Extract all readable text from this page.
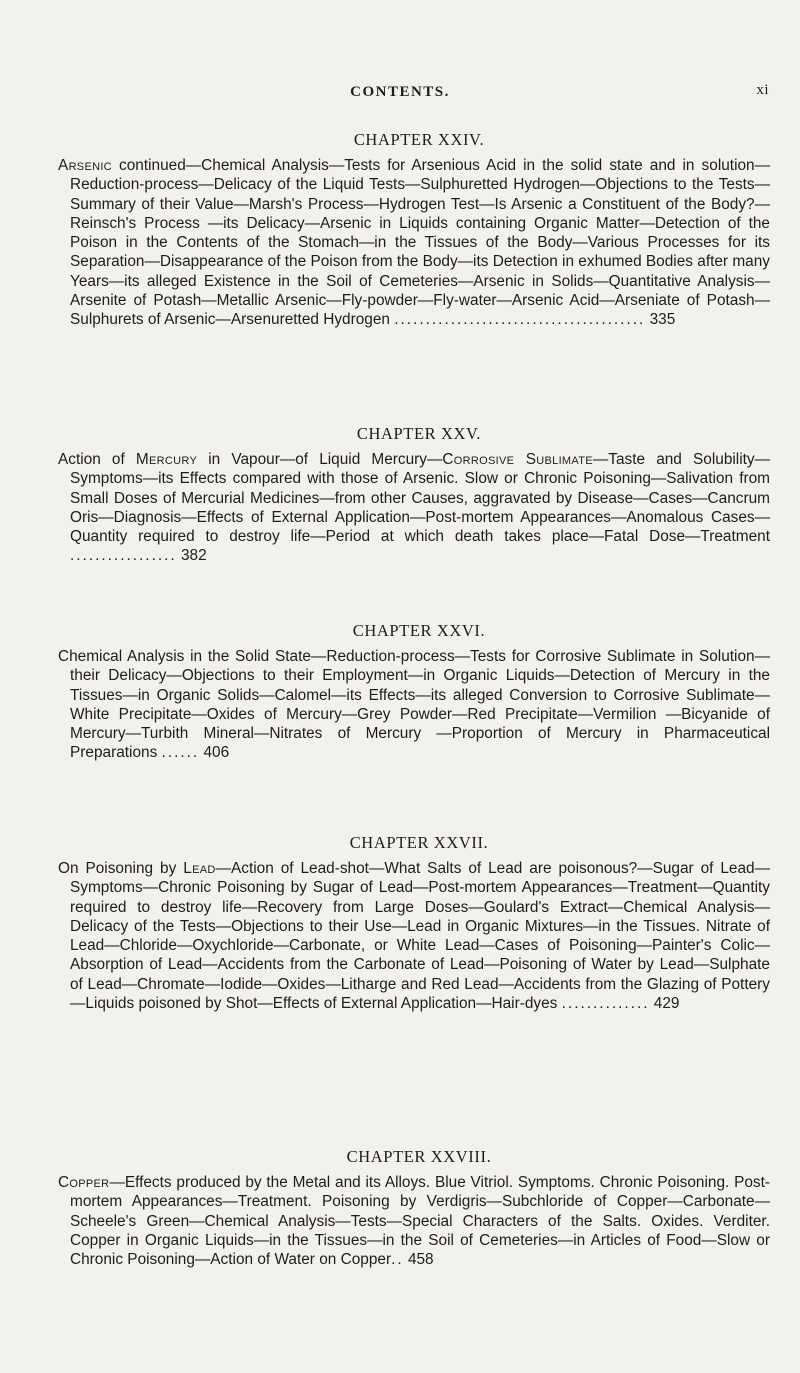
CONTENTS.	xi
CHAPTER XXIV.

Arsenic continued—Chemical Analysis—Tests for Arsenious Acid in the solid state and in solution—Reduction-process—Delicacy of the Liquid Tests—Sulphuretted Hydrogen—Objections to the Tests—Summary of their Value—Marsh's Process—Hydrogen Test—Is Arsenic a Constituent of the Body?—Reinsch's Process —its Delicacy—Arsenic in Liquids containing Organic Matter—Detection of the Poison in the Contents of the Stomach—in the Tissues of the Body—Various Processes for its Separation—Disappearance of the Poison from the Body—its Detection in exhumed Bodies after many Years—its alleged Existence in the Soil of Cemeteries—Arsenic in Solids—Quantitative Analysis—Arsenite of Potash—Metallic Arsenic—Fly-powder—Fly-water—Arsenic Acid—Arseniate of Potash—Sulphurets of Arsenic—Arsenuretted Hydrogen ........................................ 335

CHAPTER XXV.

Action of Mercury in Vapour—of Liquid Mercury—Corrosive Sublimate—Taste and Solubility—Symptoms—its Effects compared with those of Arsenic. Slow or Chronic Poisoning—Salivation from Small Doses of Mercurial Medicines—from other Causes, aggravated by Disease—Cases—Cancrum Oris—Diagnosis—Effects of External Application—Post-mortem Appearances—Anomalous Cases—Quantity required to destroy life—Period at which death takes place—Fatal Dose—Treatment ................. 382

CHAPTER XXVI.

Chemical Analysis in the Solid State—Reduction-process—Tests for Corrosive Sublimate in Solution—their Delicacy—Objections to their Employment—in Organic Liquids—Detection of Mercury in the Tissues—in Organic Solids—Calomel—its Effects—its alleged Conversion to Corrosive Sublimate—White Precipitate—Oxides of Mercury—Grey Powder—Red Precipitate—Vermilion —Bicyanide of Mercury—Turbith Mineral—Nitrates of Mercury —Proportion of Mercury in Pharmaceutical Preparations ...... 406

CHAPTER XXVII.

On Poisoning by Lead—Action of Lead-shot—What Salts of Lead are poisonous?—Sugar of Lead—Symptoms—Chronic Poisoning by Sugar of Lead—Post-mortem Appearances—Treatment—Quantity required to destroy life—Recovery from Large Doses—Goulard's Extract—Chemical Analysis—Delicacy of the Tests—Objections to their Use—Lead in Organic Mixtures—in the Tissues. Nitrate of Lead—Chloride—Oxychloride—Carbonate, or White Lead—Cases of Poisoning—Painter's Colic—Absorption of Lead—Accidents from the Carbonate of Lead—Poisoning of Water by Lead—Sulphate of Lead—Chromate—Iodide—Oxides—Litharge and Red Lead—Accidents from the Glazing of Pottery—Liquids poisoned by Shot—Effects of External Application—Hair-dyes .............. 429

CHAPTER XXVIII.

Copper—Effects produced by the Metal and its Alloys. Blue Vitriol. Symptoms. Chronic Poisoning. Post-mortem Appearances—Treatment. Poisoning by Verdigris—Subchloride of Copper—Carbonate—Scheele's Green—Chemical Analysis—Tests—Special Characters of the Salts. Oxides. Verditer. Copper in Organic Liquids—in the Tissues—in the Soil of Cemeteries—in Articles of Food—Slow or Chronic Poisoning—Action of Water on Copper.. 458
